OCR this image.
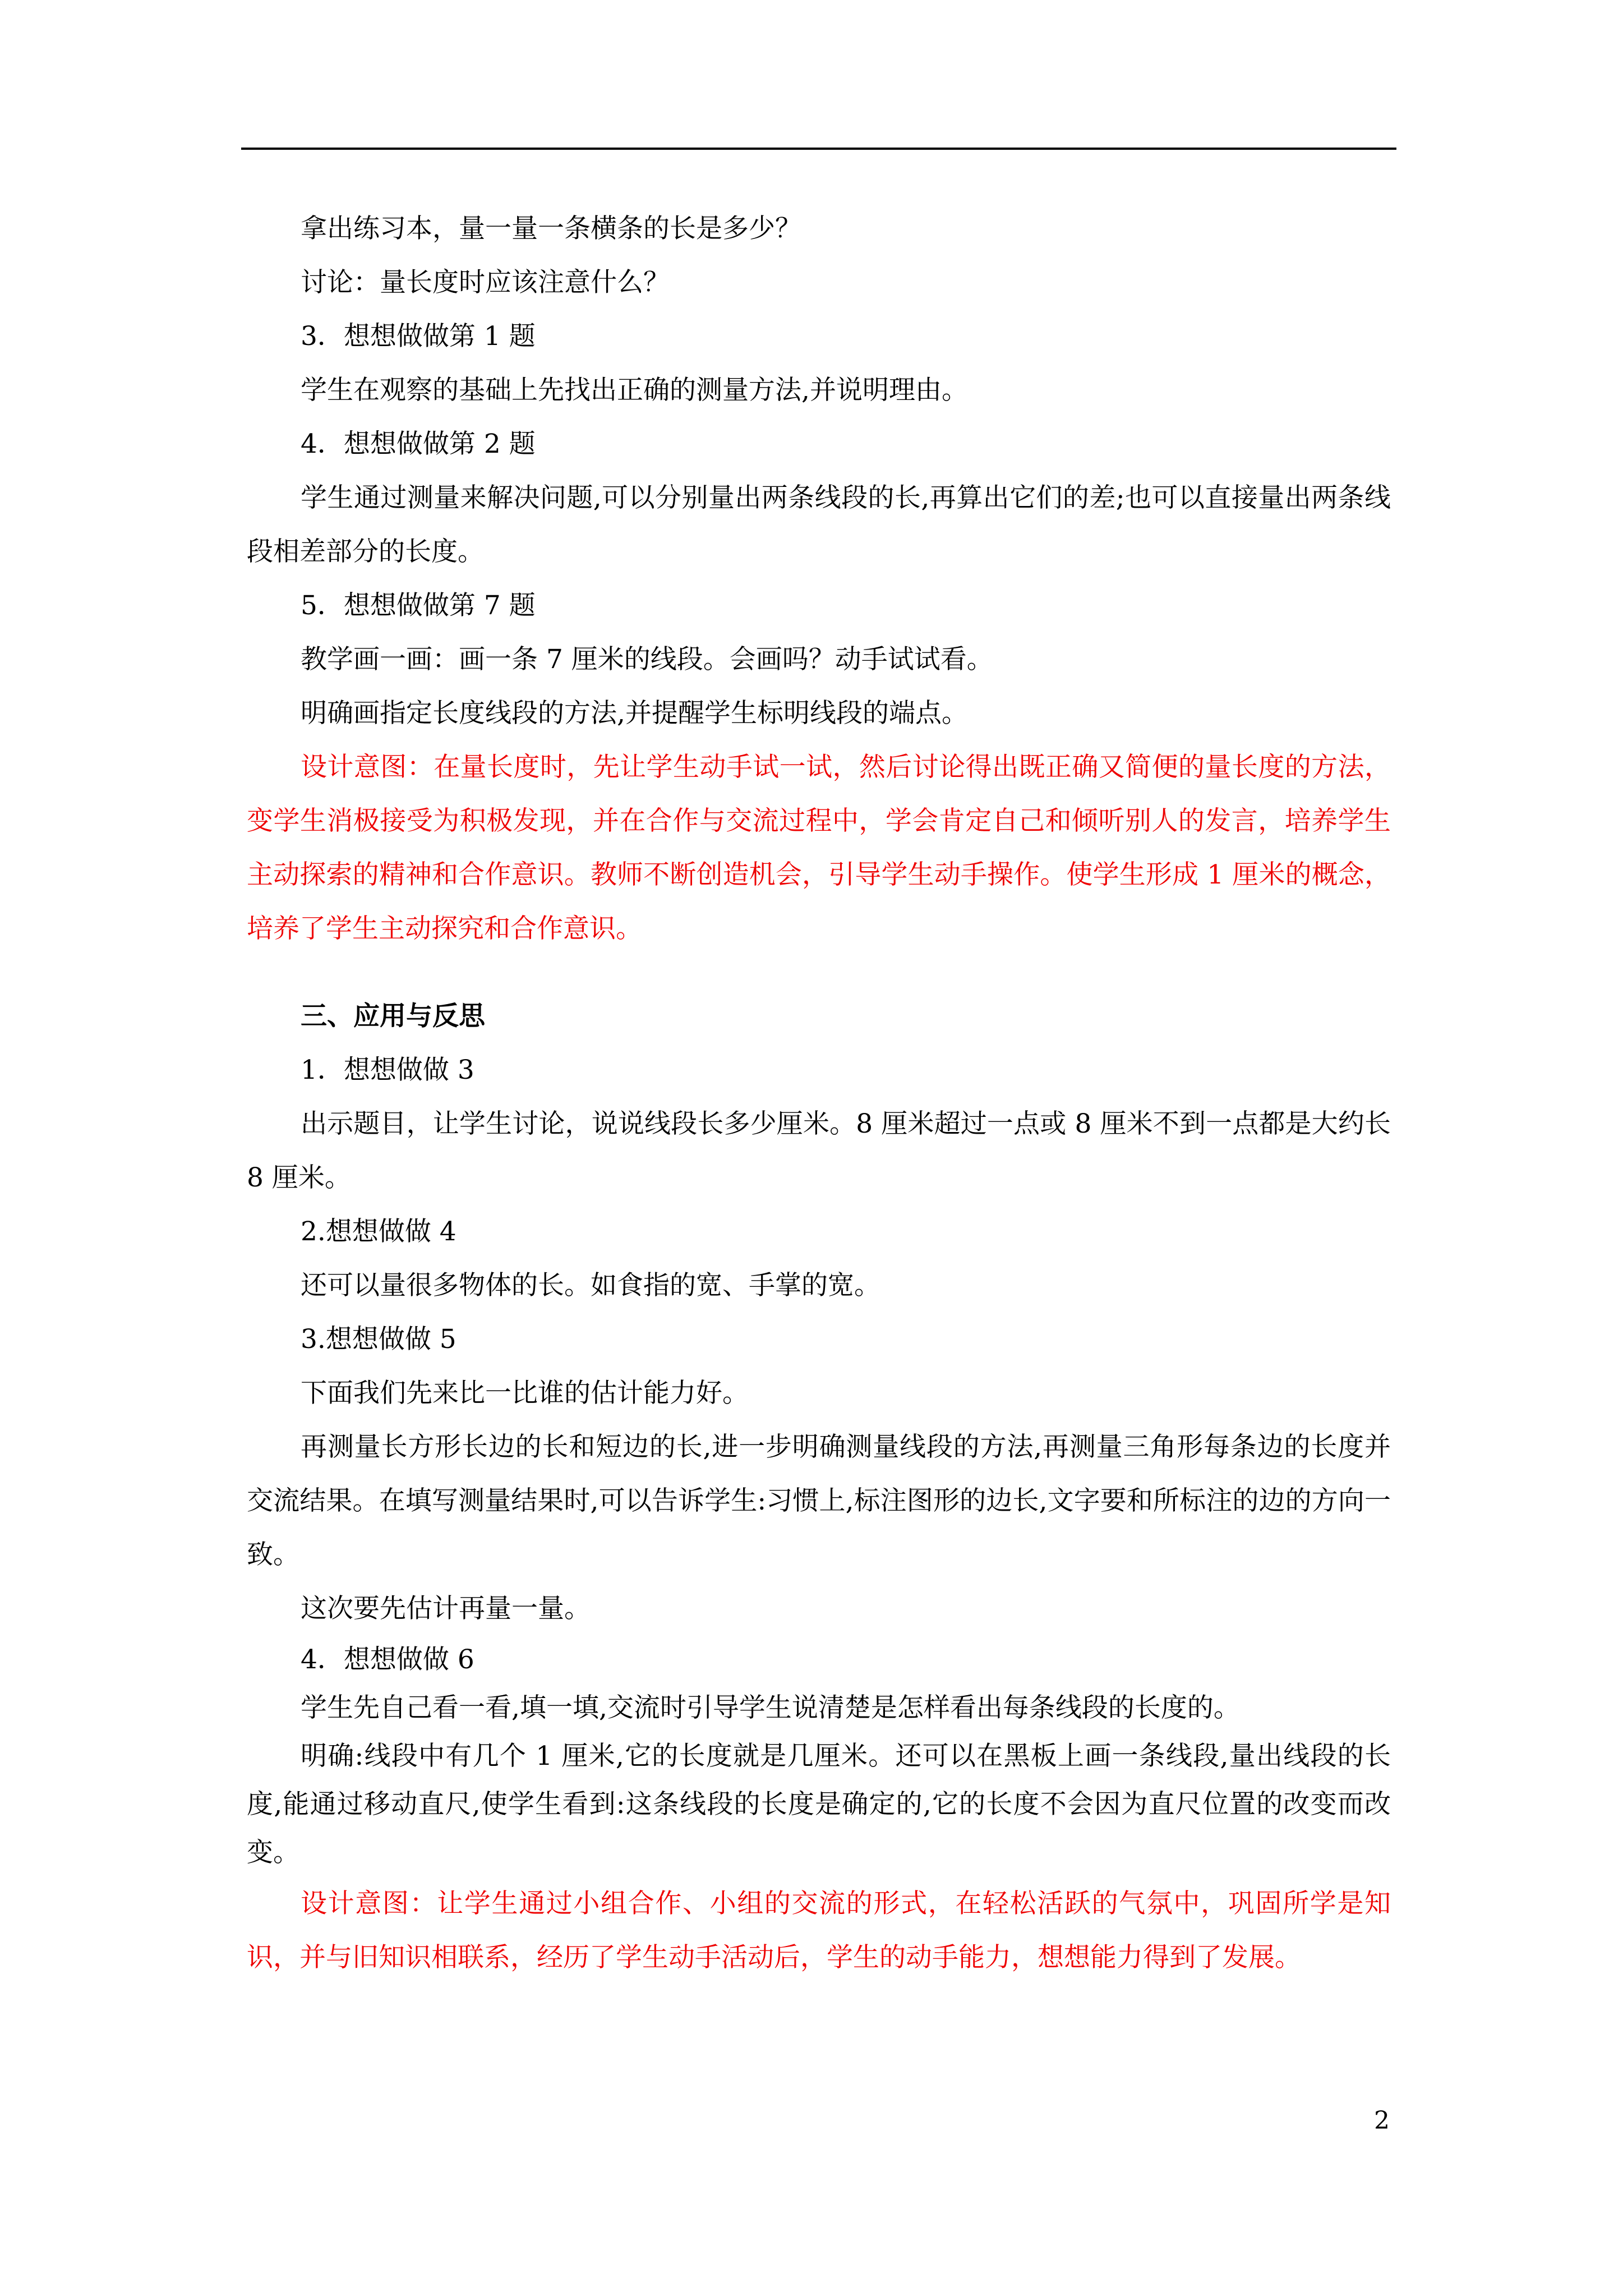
拿出练习本，量一量一条横条的长是多少？

讨论：量长度时应该注意什么？

3．想想做做第 1 题

学生在观察的基础上先找出正确的测量方法,并说明理由。

4．想想做做第 2 题

学生通过测量来解决问题,可以分别量出两条线段的长,再算出它们的差;也可以直接量出两条线段相差部分的长度。

5．想想做做第 7 题

教学画一画：画一条 7 厘米的线段。会画吗？动手试试看。

明确画指定长度线段的方法,并提醒学生标明线段的端点。

设计意图：在量长度时，先让学生动手试一试，然后讨论得出既正确又简便的量长度的方法，变学生消极接受为积极发现，并在合作与交流过程中，学会肯定自己和倾听别人的发言，培养学生主动探索的精神和合作意识。教师不断创造机会，引导学生动手操作。使学生形成 1 厘米的概念，培养了学生主动探究和合作意识。

三、应用与反思

1．想想做做 3

出示题目，让学生讨论，说说线段长多少厘米。8 厘米超过一点或 8 厘米不到一点都是大约长 8 厘米。

2.想想做做 4

还可以量很多物体的长。如食指的宽、手掌的宽。

3.想想做做 5

下面我们先来比一比谁的估计能力好。

再测量长方形长边的长和短边的长,进一步明确测量线段的方法,再测量三角形每条边的长度并交流结果。在填写测量结果时,可以告诉学生:习惯上,标注图形的边长,文字要和所标注的边的方向一致。

这次要先估计再量一量。

4．想想做做 6

学生先自己看一看,填一填,交流时引导学生说清楚是怎样看出每条线段的长度的。

明确:线段中有几个 1 厘米,它的长度就是几厘米。还可以在黑板上画一条线段,量出线段的长度,能通过移动直尺,使学生看到:这条线段的长度是确定的,它的长度不会因为直尺位置的改变而改变。

设计意图：让学生通过小组合作、小组的交流的形式，在轻松活跃的气氛中，巩固所学是知识，并与旧知识相联系，经历了学生动手活动后，学生的动手能力，想想能力得到了发展。

2
